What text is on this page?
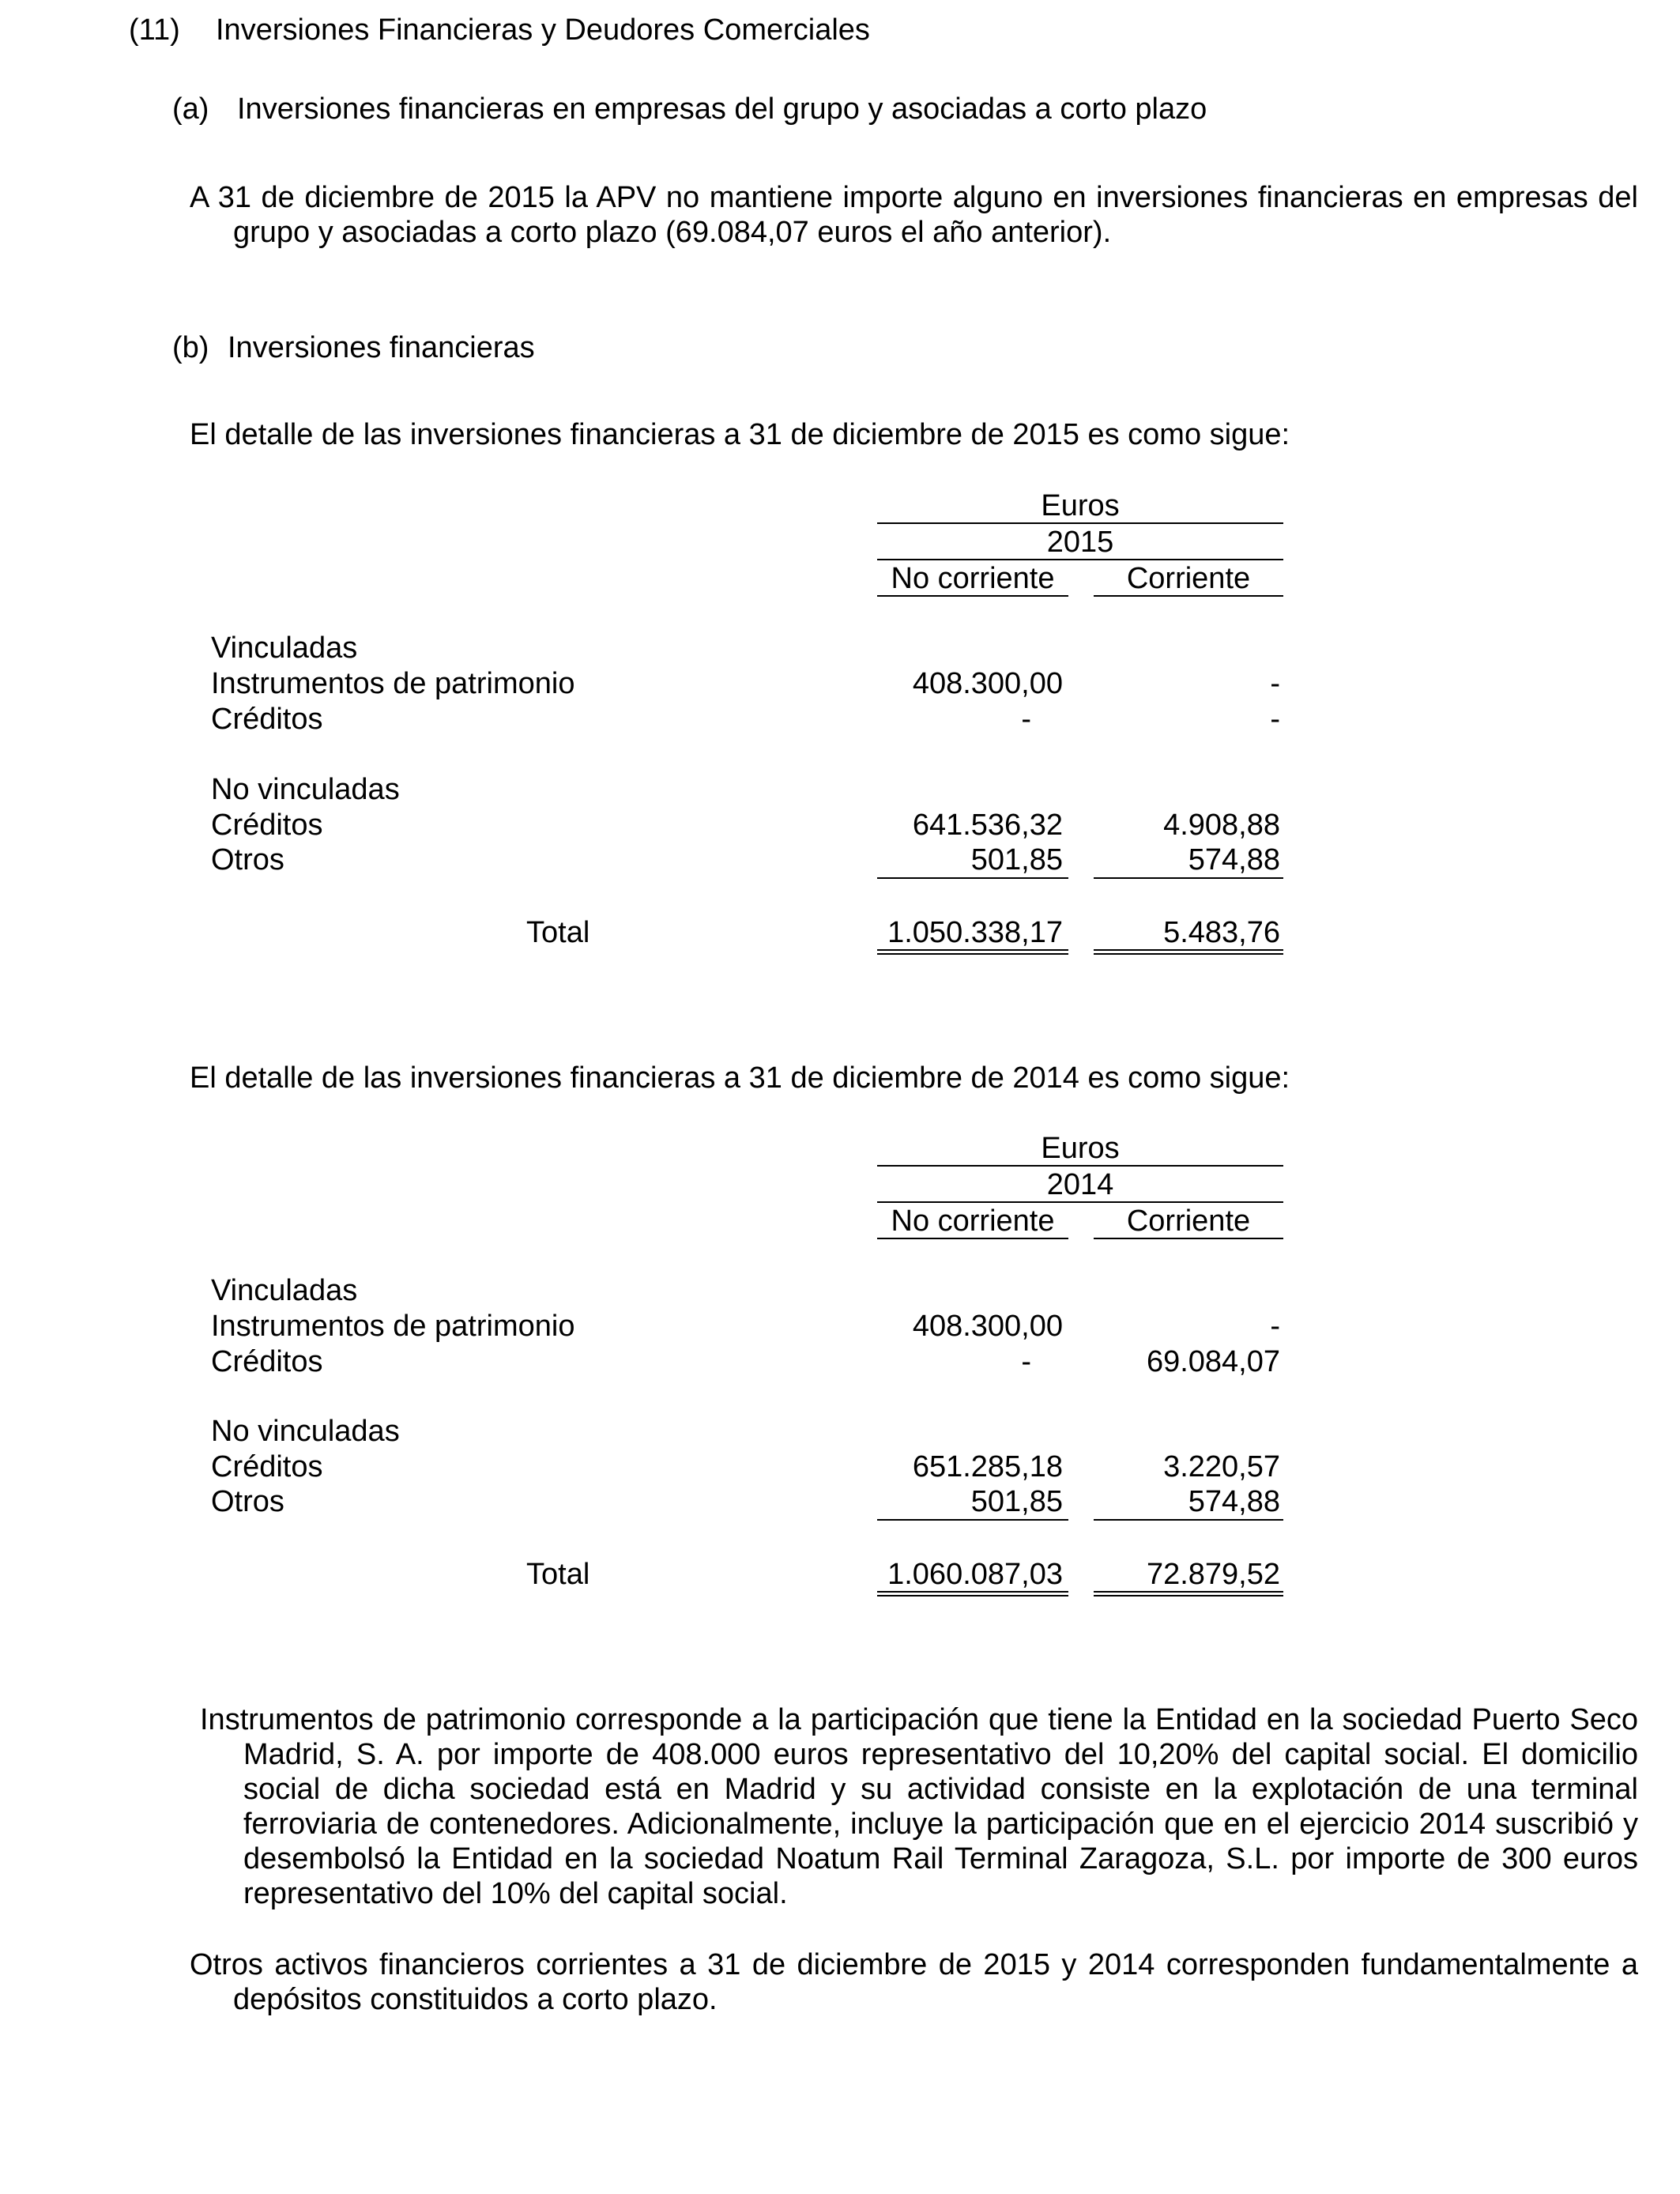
(11) Inversiones Financieras y Deudores Comerciales
(a) Inversiones financieras en empresas del grupo y asociadas a corto plazo
A 31 de diciembre de 2015 la APV no mantiene importe alguno en inversiones financieras en empresas del grupo y asociadas a corto plazo (69.084,07 euros el año anterior).
(b) Inversiones financieras
El detalle de las inversiones financieras a 31 de diciembre de 2015 es como sigue:
Euros
2015
No corriente	Corriente
Vinculadas
Instrumentos de patrimonio	408.300,00	-
Créditos	-	-
No vinculadas
Créditos	641.536,32	4.908,88
Otros	501,85	574,88
Total	1.050.338,17	5.483,76
El detalle de las inversiones financieras a 31 de diciembre de 2014 es como sigue:
Euros
2014
No corriente	Corriente
Vinculadas
Instrumentos de patrimonio	408.300,00	-
Créditos	-	69.084,07
No vinculadas
Créditos	651.285,18	3.220,57
Otros	501,85	574,88
Total	1.060.087,03	72.879,52
Instrumentos de patrimonio corresponde a la participación que tiene la Entidad en la sociedad Puerto Seco Madrid, S. A. por importe de 408.000 euros representativo del 10,20% del capital social. El domicilio social de dicha sociedad está en Madrid y su actividad consiste en la explotación de una terminal ferroviaria de contenedores. Adicionalmente, incluye la participación que en el ejercicio 2014 suscribió y desembolsó la Entidad en la sociedad Noatum Rail Terminal Zaragoza, S.L. por importe de 300 euros representativo del 10% del capital social.
Otros activos financieros corrientes a 31 de diciembre de 2015 y 2014 corresponden fundamentalmente a depósitos constituidos a corto plazo.
